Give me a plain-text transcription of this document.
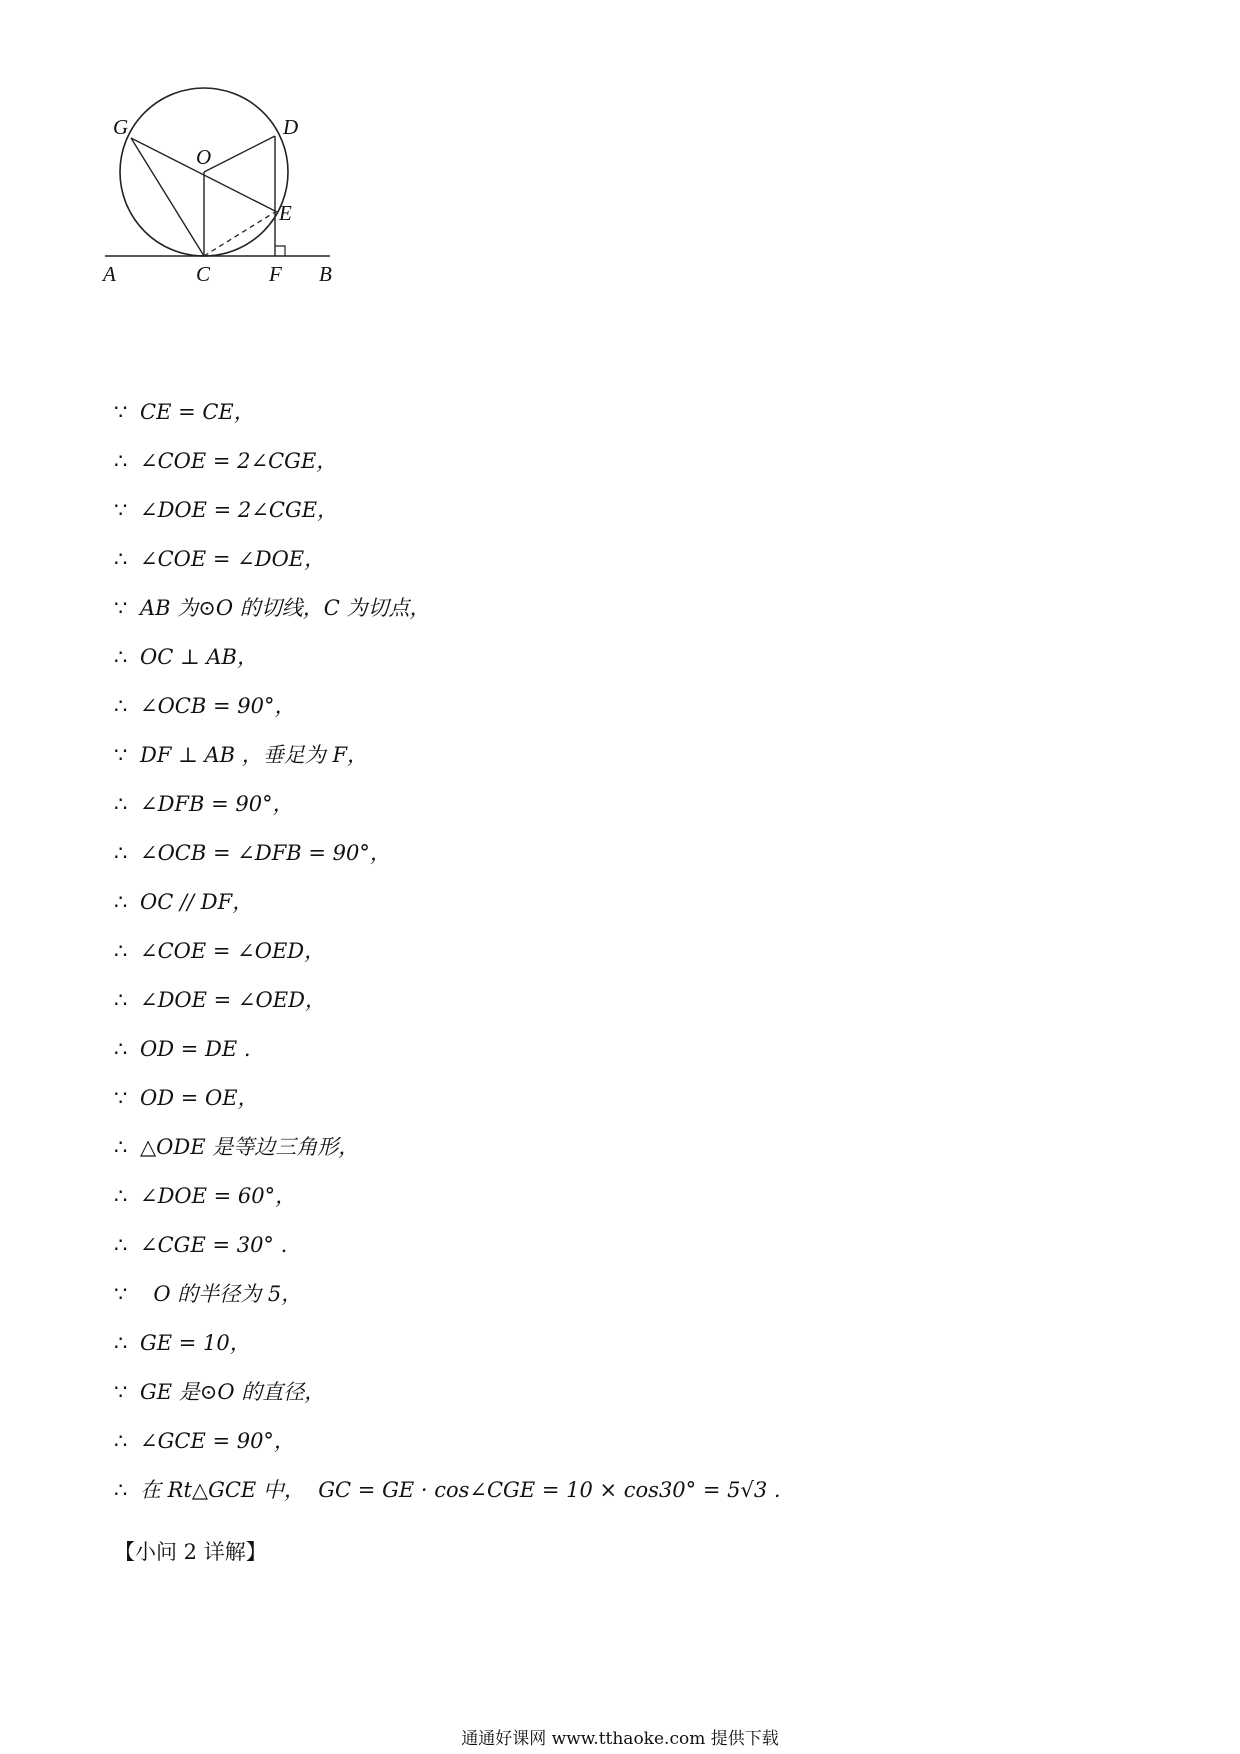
G	D
O
E
A	C	F B
∵ CE = CE，
∴ ∠COE = 2∠CGE，
∵ ∠DOE = 2∠CGE，
∴ ∠COE = ∠DOE，
∵ AB 为⊙O 的切线，C 为切点，
∴ OC ⊥ AB，
∴ ∠OCB = 90°，
∵ DF ⊥ AB ，垂足为 F，
∴ ∠DFB = 90°，
∴ ∠OCB = ∠DFB = 90°，
∴ OC // DF，
∴ ∠COE = ∠OED，
∴ ∠DOE = ∠OED，
∴ OD = DE .
∵ OD = OE，
∴ △ODE 是等边三角形，
∴ ∠DOE = 60°，
∴ ∠CGE = 30° .
∵  O 的半径为 5，
∴ GE = 10，
∵ GE 是⊙O 的直径，
∴ ∠GCE = 90°，
∴ 在 Rt△GCE 中，  GC = GE · cos∠CGE = 10 × cos30° = 5√3 .
【小问 2 详解】
通通好课网 www.tthaoke.com 提供下载
